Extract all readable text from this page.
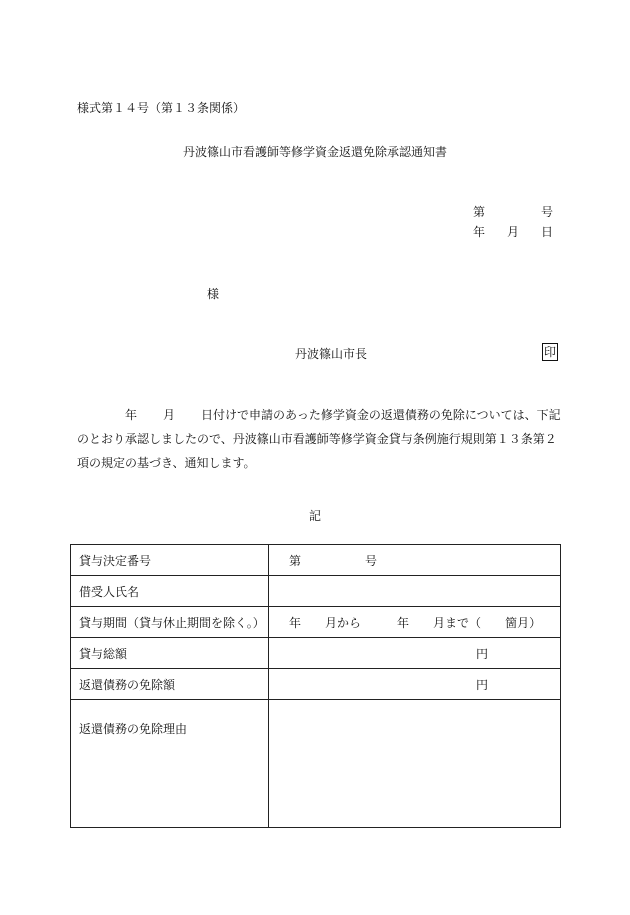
様式第１４号（第１３条関係）
丹波篠山市看護師等修学資金返還免除承認通知書
第	号
年 月 日
様
丹波篠山市長	印
年 月 日付けで申請のあった修学資金の返還債務の免除については、下記のとおり承認しましたので、丹波篠山市看護師等修学資金貸与条例施行規則第１３条第２項の規定の基づき、通知します。
記
貸与決定番号	第 号
借受人氏名	
貸与期間（貸与休止期間を除く。）	年 月から 年 月まで（ 箇月）
貸与総額	円
返還債務の免除額	円
返還債務の免除理由	
